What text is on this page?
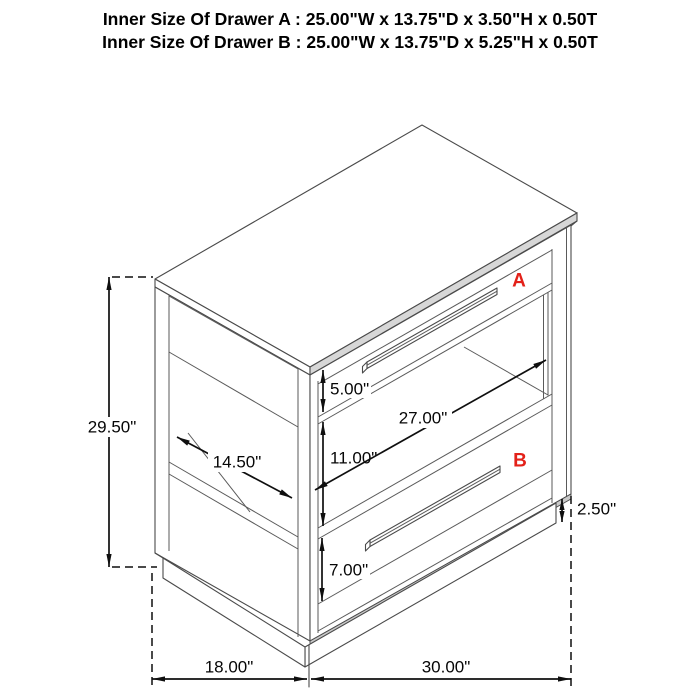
Inner Size Of Drawer A : 25.00"W x 13.75"D x 3.50"H x 0.50T
Inner Size Of Drawer B : 25.00"W x 13.75"D x 5.25"H x 0.50T
A
B
29.50"
14.50"
5.00"
11.00"
7.00"
27.00"
2.50"
18.00"	30.00"
